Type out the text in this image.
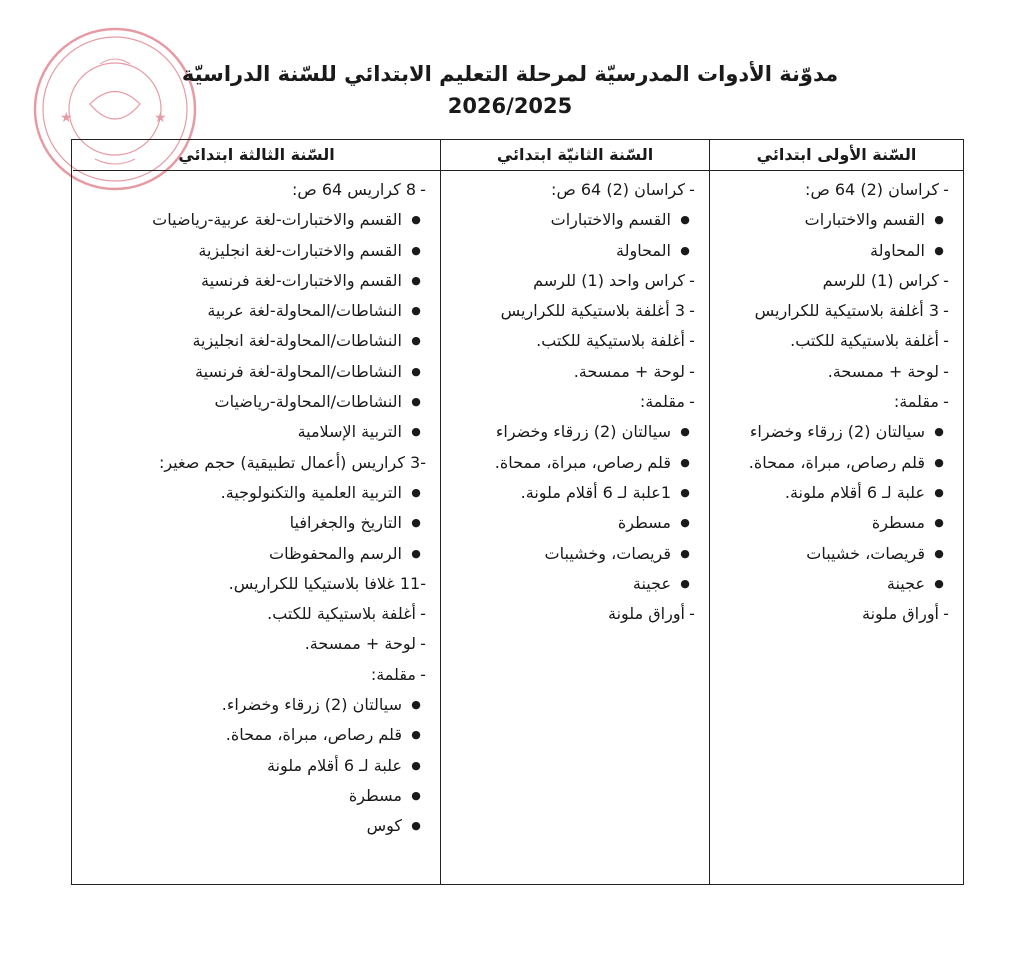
★	★
مدوّنة الأدوات المدرسيّة لمرحلة التعليم الابتدائي للسّنة الدراسيّة 2026/2025
السّنة الأولى ابتدائي
- كراسان (2) 64 ص:
● القسم والاختبارات
● المحاولة
- كراس (1) للرسم
- 3 أغلفة بلاستيكية للكراريس
- أغلفة بلاستيكية للكتب.
- لوحة + ممسحة.
- مقلمة:
● سيالتان (2) زرقاء وخضراء
● قلم رصاص، مبراة، ممحاة.
● علبة لـ 6 أقلام ملونة.
● مسطرة
● قريصات، خشيبات
● عجينة
- أوراق ملونة
السّنة الثانيّة ابتدائي
- كراسان (2) 64 ص:
● القسم والاختبارات
● المحاولة
- كراس واحد (1) للرسم
- 3 أغلفة بلاستيكية للكراريس
- أغلفة بلاستيكية للكتب.
- لوحة + ممسحة.
- مقلمة:
● سيالتان (2) زرقاء وخضراء
● قلم رصاص، مبراة، ممحاة.
● 1علبة لـ 6 أقلام ملونة.
● مسطرة
● قريصات، وخشيبات
● عجينة
- أوراق ملونة
السّنة الثالثة ابتدائي
- 8 كراريس 64 ص:
● القسم والاختبارات-لغة عربية-رياضيات
● القسم والاختبارات-لغة انجليزية
● القسم والاختبارات-لغة فرنسية
● النشاطات/المحاولة-لغة عربية
● النشاطات/المحاولة-لغة انجليزية
● النشاطات/المحاولة-لغة فرنسية
● النشاطات/المحاولة-رياضيات
● التربية الإسلامية
-3 كراريس (أعمال تطبيقية) حجم صغير:
● التربية العلمية والتكنولوجية.
● التاريخ والجغرافيا
● الرسم والمحفوظات
-11 غلافا بلاستيكيا للكراريس.
- أغلفة بلاستيكية للكتب.
- لوحة + ممسحة.
- مقلمة:
● سيالتان (2) زرقاء وخضراء.
● قلم رصاص، مبراة، ممحاة.
● علبة لـ 6 أقلام ملونة
● مسطرة
● كوس
